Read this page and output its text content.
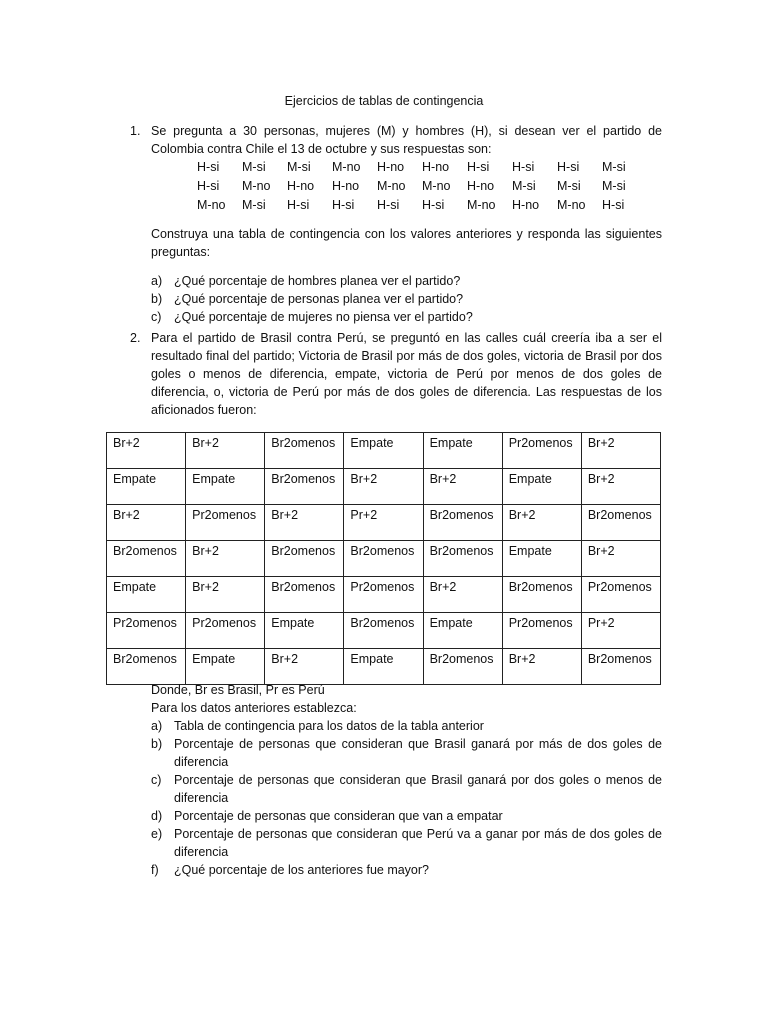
Ejercicios de tablas de contingencia
1. Se pregunta a 30 personas, mujeres (M) y hombres (H), si desean ver el partido de Colombia contra Chile el 13 de octubre y sus respuestas son:
H-si	M-si	M-si	M-no	H-no	H-no	H-si	H-si	H-si	M-si
H-si	M-no	H-no	H-no	M-no	M-no	H-no	M-si	M-si	M-si
M-no	M-si	H-si	H-si	H-si	H-si	M-no	H-no	M-no	H-si
Construya una tabla de contingencia con los valores anteriores y responda las siguientes preguntas:
a) ¿Qué porcentaje de hombres planea ver el partido?
b) ¿Qué porcentaje de personas planea ver el partido?
c) ¿Qué porcentaje de mujeres no piensa ver el partido?
2. Para el partido de Brasil contra Perú, se preguntó en las calles cuál creería iba a ser el resultado final del partido; Victoria de Brasil por más de dos goles, victoria de Brasil por dos goles o menos de diferencia, empate, victoria de Perú por menos de dos goles de diferencia, o, victoria de Perú por más de dos goles de diferencia. Las respuestas de los aficionados fueron:
Br+2	Br+2	Br2omenos	Empate	Empate	Pr2omenos	Br+2
Empate	Empate	Br2omenos	Br+2	Br+2	Empate	Br+2
Br+2	Pr2omenos	Br+2	Pr+2	Br2omenos	Br+2	Br2omenos
Br2omenos	Br+2	Br2omenos	Br2omenos	Br2omenos	Empate	Br+2
Empate	Br+2	Br2omenos	Pr2omenos	Br+2	Br2omenos	Pr2omenos
Pr2omenos	Pr2omenos	Empate	Br2omenos	Empate	Pr2omenos	Pr+2
Br2omenos	Empate	Br+2	Empate	Br2omenos	Br+2	Br2omenos
Donde, Br es Brasil, Pr es Perú
Para los datos anteriores establezca:
a) Tabla de contingencia para los datos de la tabla anterior
b) Porcentaje de personas que consideran que Brasil ganará por más de dos goles de diferencia
c) Porcentaje de personas que consideran que Brasil ganará por dos goles o menos de diferencia
d) Porcentaje de personas que consideran que van a empatar
e) Porcentaje de personas que consideran que Perú va a ganar por más de dos goles de diferencia
f) ¿Qué porcentaje de los anteriores fue mayor?
